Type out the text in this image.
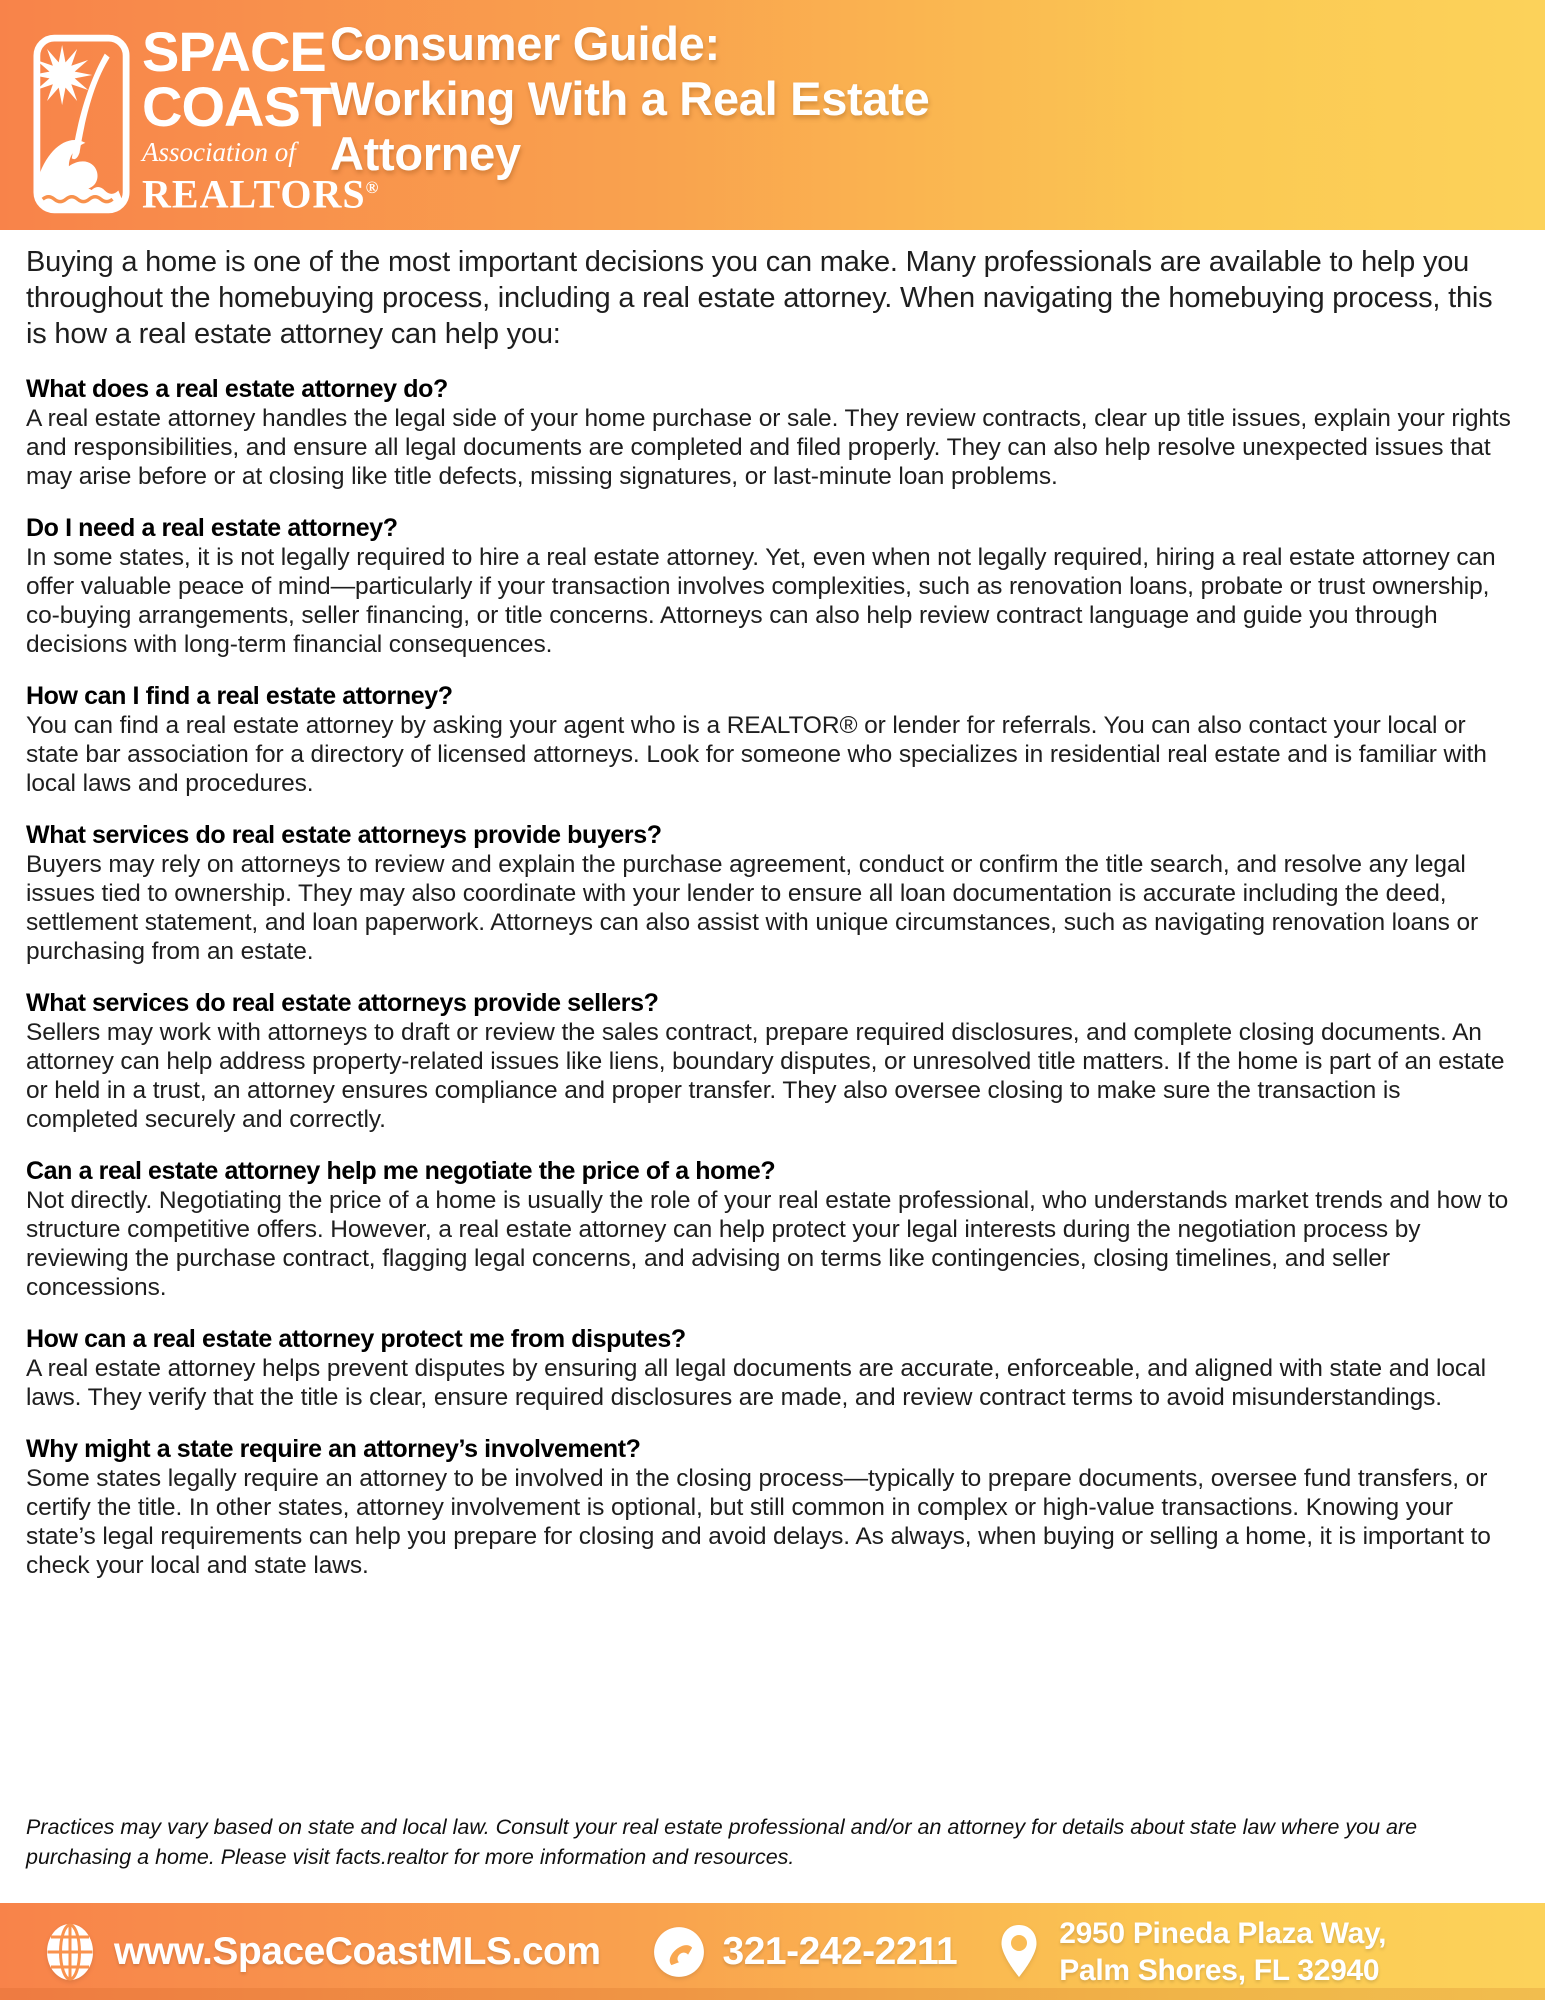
SPACE
COAST
Association of
REALTORS®
Consumer Guide:
Working With a Real Estate
Attorney

Buying a home is one of the most important decisions you can make. Many professionals are available to help you throughout the homebuying process, including a real estate attorney. When navigating the homebuying process, this is how a real estate attorney can help you:

What does a real estate attorney do?

A real estate attorney handles the legal side of your home purchase or sale. They review contracts, clear up title issues, explain your rights and responsibilities, and ensure all legal documents are completed and filed properly. They can also help resolve unexpected issues that may arise before or at closing like title defects, missing signatures, or last-minute loan problems.

Do I need a real estate attorney?

In some states, it is not legally required to hire a real estate attorney. Yet, even when not legally required, hiring a real estate attorney can offer valuable peace of mind—particularly if your transaction involves complexities, such as renovation loans, probate or trust ownership, co-buying arrangements, seller financing, or title concerns. Attorneys can also help review contract language and guide you through decisions with long-term financial consequences.

How can I find a real estate attorney?

You can find a real estate attorney by asking your agent who is a REALTOR® or lender for referrals. You can also contact your local or state bar association for a directory of licensed attorneys. Look for someone who specializes in residential real estate and is familiar with local laws and procedures.

What services do real estate attorneys provide buyers?

Buyers may rely on attorneys to review and explain the purchase agreement, conduct or confirm the title search, and resolve any legal issues tied to ownership. They may also coordinate with your lender to ensure all loan documentation is accurate including the deed, settlement statement, and loan paperwork. Attorneys can also assist with unique circumstances, such as navigating renovation loans or purchasing from an estate.

What services do real estate attorneys provide sellers?

Sellers may work with attorneys to draft or review the sales contract, prepare required disclosures, and complete closing documents. An attorney can help address property-related issues like liens, boundary disputes, or unresolved title matters. If the home is part of an estate or held in a trust, an attorney ensures compliance and proper transfer. They also oversee closing to make sure the transaction is completed securely and correctly.

Can a real estate attorney help me negotiate the price of a home?

Not directly. Negotiating the price of a home is usually the role of your real estate professional, who understands market trends and how to structure competitive offers. However, a real estate attorney can help protect your legal interests during the negotiation process by reviewing the purchase contract, flagging legal concerns, and advising on terms like contingencies, closing timelines, and seller concessions.

How can a real estate attorney protect me from disputes?

A real estate attorney helps prevent disputes by ensuring all legal documents are accurate, enforceable, and aligned with state and local laws. They verify that the title is clear, ensure required disclosures are made, and review contract terms to avoid misunderstandings.

Why might a state require an attorney’s involvement?

Some states legally require an attorney to be involved in the closing process—typically to prepare documents, oversee fund transfers, or certify the title. In other states, attorney involvement is optional, but still common in complex or high-value transactions. Knowing your state’s legal requirements can help you prepare for closing and avoid delays. As always, when buying or selling a home, it is important to check your local and state laws.

Practices may vary based on state and local law. Consult your real estate professional and/or an attorney for details about state law where you are purchasing a home. Please visit facts.realtor for more information and resources.

www.SpaceCoastMLS.com	321-242-2211	2950 Pineda Plaza Way,
Palm Shores, FL 32940
